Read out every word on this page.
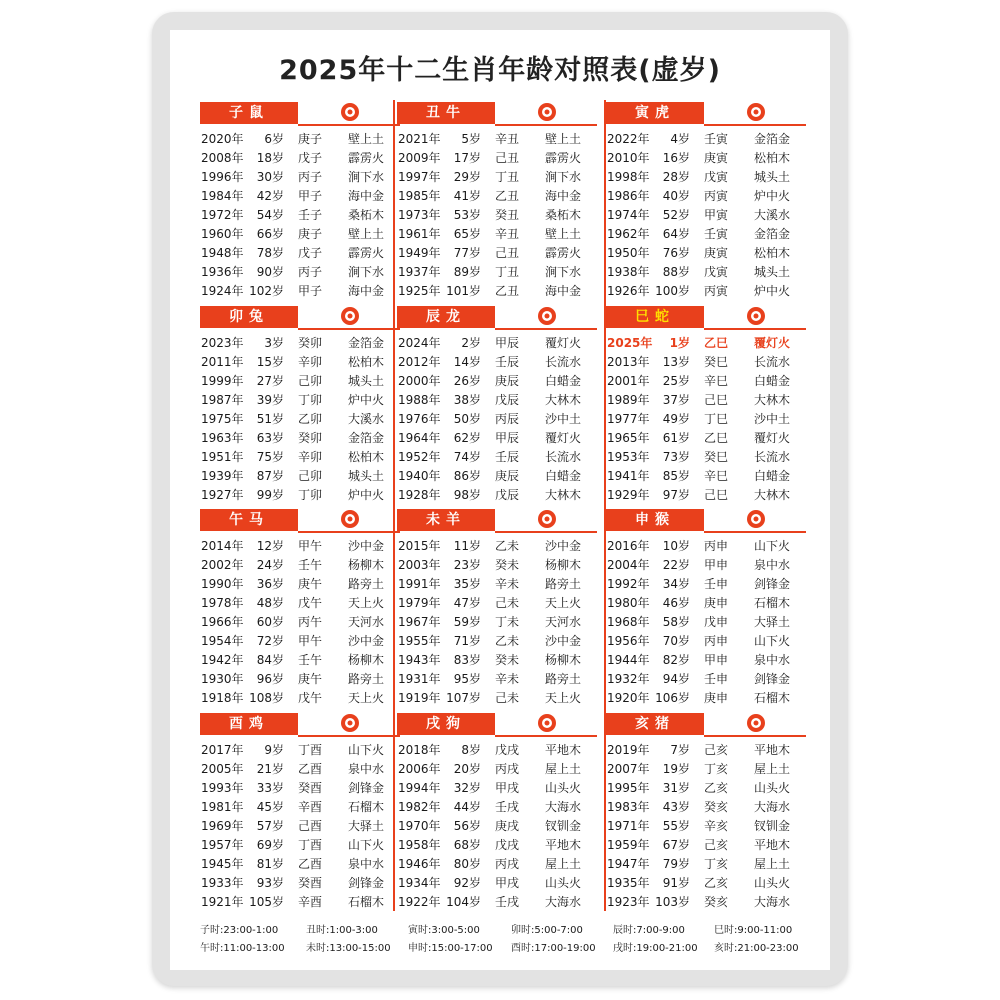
2025年十二生肖年龄对照表(虚岁)
子鼠
2020年	6岁 庚子 壁上土
2008年	18岁 戊子 霹雳火
1996年	30岁 丙子 涧下水
1984年	42岁 甲子 海中金
1972年	54岁 壬子 桑柘木
1960年	66岁 庚子 壁上土
1948年	78岁 戊子 霹雳火
1936年	90岁 丙子 涧下水
1924年 102岁 甲子 海中金
丑牛
2021年	5岁 辛丑 壁上土
2009年	17岁 己丑 霹雳火
1997年	29岁 丁丑 涧下水
1985年	41岁 乙丑 海中金
1973年	53岁 癸丑 桑柘木
1961年	65岁 辛丑 壁上土
1949年	77岁 己丑 霹雳火
1937年	89岁 丁丑 涧下水
1925年 101岁 乙丑 海中金
寅虎
2022年	4岁 壬寅 金箔金
2010年	16岁 庚寅 松柏木
1998年	28岁 戊寅 城头土
1986年	40岁 丙寅 炉中火
1974年	52岁 甲寅 大溪水
1962年	64岁 壬寅 金箔金
1950年	76岁 庚寅 松柏木
1938年	88岁 戊寅 城头土
1926年 100岁 丙寅 炉中火
卯兔
2023年	3岁 癸卯 金箔金
2011年	15岁 辛卯 松柏木
1999年	27岁 己卯 城头土
1987年	39岁 丁卯 炉中火
1975年	51岁 乙卯 大溪水
1963年	63岁 癸卯 金箔金
1951年	75岁 辛卯 松柏木
1939年	87岁 己卯 城头土
1927年	99岁 丁卯 炉中火
辰龙
2024年	2岁 甲辰 覆灯火
2012年	14岁 壬辰 长流水
2000年	26岁 庚辰 白蜡金
1988年	38岁 戊辰 大林木
1976年	50岁 丙辰 沙中土
1964年	62岁 甲辰 覆灯火
1952年	74岁 壬辰 长流水
1940年	86岁 庚辰 白蜡金
1928年	98岁 戊辰 大林木
巳蛇
2025年	1岁 乙巳 覆灯火
2013年	13岁 癸巳 长流水
2001年	25岁 辛巳 白蜡金
1989年	37岁 己巳 大林木
1977年	49岁 丁巳 沙中土
1965年	61岁 乙巳 覆灯火
1953年	73岁 癸巳 长流水
1941年	85岁 辛巳 白蜡金
1929年	97岁 己巳 大林木
午马
2014年	12岁 甲午 沙中金
2002年	24岁 壬午 杨柳木
1990年	36岁 庚午 路旁土
1978年	48岁 戊午 天上火
1966年	60岁 丙午 天河水
1954年	72岁 甲午 沙中金
1942年	84岁 壬午 杨柳木
1930年	96岁 庚午 路旁土
1918年 108岁 戊午 天上火
未羊
2015年	11岁 乙未 沙中金
2003年	23岁 癸未 杨柳木
1991年	35岁 辛未 路旁土
1979年	47岁 己未 天上火
1967年	59岁 丁未 天河水
1955年	71岁 乙未 沙中金
1943年	83岁 癸未 杨柳木
1931年	95岁 辛未 路旁土
1919年 107岁 己未 天上火
申猴
2016年	10岁 丙申 山下火
2004年	22岁 甲申 泉中水
1992年	34岁 壬申 剑锋金
1980年	46岁 庚申 石榴木
1968年	58岁 戊申 大驿土
1956年	70岁 丙申 山下火
1944年	82岁 甲申 泉中水
1932年	94岁 壬申 剑锋金
1920年 106岁 庚申 石榴木
酉鸡
2017年	9岁 丁酉 山下火
2005年	21岁 乙酉 泉中水
1993年	33岁 癸酉 剑锋金
1981年	45岁 辛酉 石榴木
1969年	57岁 己酉 大驿土
1957年	69岁 丁酉 山下火
1945年	81岁 乙酉 泉中水
1933年	93岁 癸酉 剑锋金
1921年 105岁 辛酉 石榴木
戌狗
2018年	8岁 戊戌 平地木
2006年	20岁 丙戌 屋上土
1994年	32岁 甲戌 山头火
1982年	44岁 壬戌 大海水
1970年	56岁 庚戌 钗钏金
1958年	68岁 戊戌 平地木
1946年	80岁 丙戌 屋上土
1934年	92岁 甲戌 山头火
1922年 104岁 壬戌 大海水
亥猪
2019年	7岁 己亥 平地木
2007年	19岁 丁亥 屋上土
1995年	31岁 乙亥 山头火
1983年	43岁 癸亥 大海水
1971年	55岁 辛亥 钗钏金
1959年	67岁 己亥 平地木
1947年	79岁 丁亥 屋上土
1935年	91岁 乙亥 山头火
1923年 103岁 癸亥 大海水
子时:23:00-1:00
午时:11:00-13:00
丑时:1:00-3:00
未时:13:00-15:00
寅时:3:00-5:00
申时:15:00-17:00
卯时:5:00-7:00
酉时:17:00-19:00
辰时:7:00-9:00
戌时:19:00-21:00
巳时:9:00-11:00
亥时:21:00-23:00
